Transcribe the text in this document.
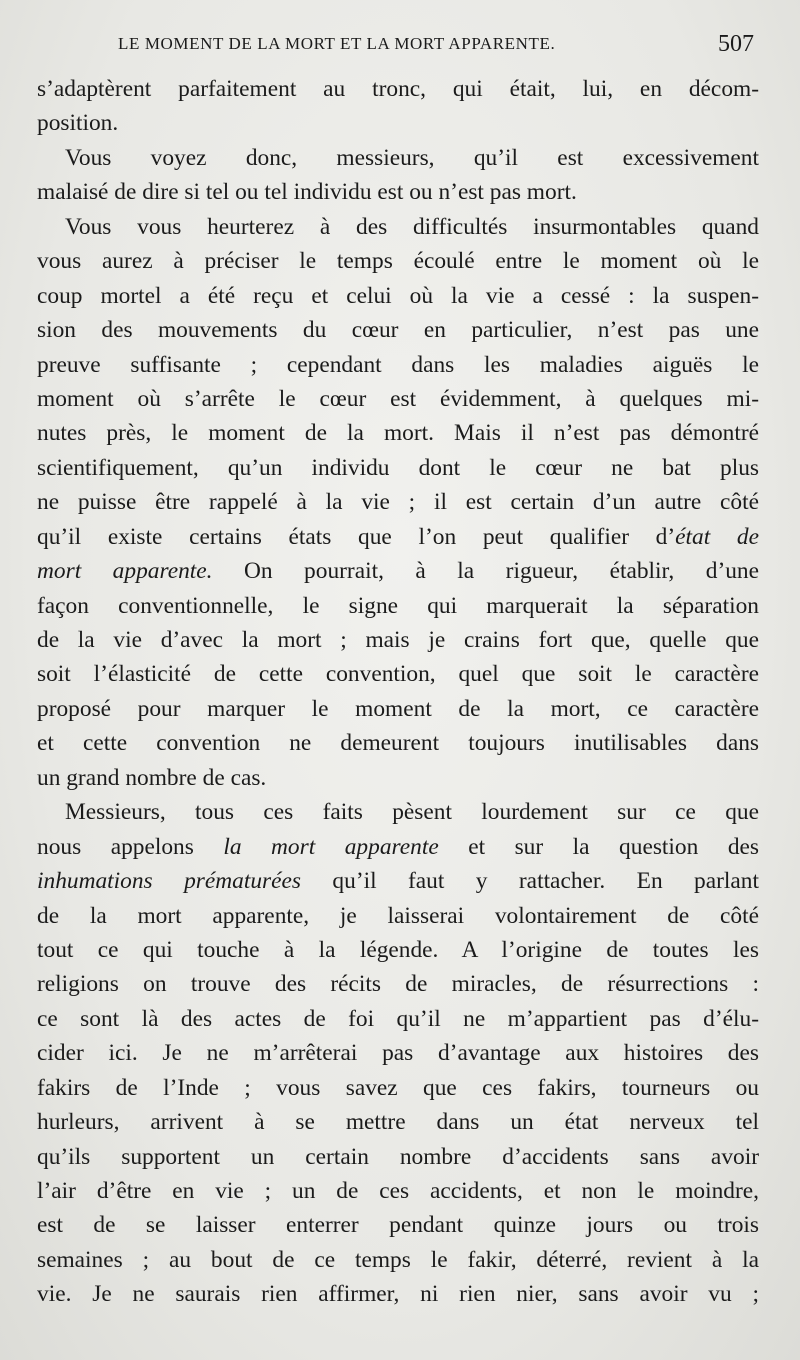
LE MOMENT DE LA MORT ET LA MORT APPARENTE.	507
s’adaptèrent parfaitement au tronc, qui était, lui, en décom-
position.
Vous voyez donc, messieurs, qu’il est excessivement
malaisé de dire si tel ou tel individu est ou n’est pas mort.
Vous vous heurterez à des difficultés insurmontables quand
vous aurez à préciser le temps écoulé entre le moment où le
coup mortel a été reçu et celui où la vie a cessé : la suspen-
sion des mouvements du cœur en particulier, n’est pas une
preuve suffisante ; cependant dans les maladies aiguës le
moment où s’arrête le cœur est évidemment, à quelques mi-
nutes près, le moment de la mort. Mais il n’est pas démontré
scientifiquement, qu’un individu dont le cœur ne bat plus
ne puisse être rappelé à la vie ; il est certain d’un autre côté
qu’il existe certains états que l’on peut qualifier d’état de
mort apparente. On pourrait, à la rigueur, établir, d’une
façon conventionnelle, le signe qui marquerait la séparation
de la vie d’avec la mort ; mais je crains fort que, quelle que
soit l’élasticité de cette convention, quel que soit le caractère
proposé pour marquer le moment de la mort, ce caractère
et cette convention ne demeurent toujours inutilisables dans
un grand nombre de cas.
Messieurs, tous ces faits pèsent lourdement sur ce que
nous appelons la mort apparente et sur la question des
inhumations prématurées qu’il faut y rattacher. En parlant
de la mort apparente, je laisserai volontairement de côté
tout ce qui touche à la légende. A l’origine de toutes les
religions on trouve des récits de miracles, de résurrections :
ce sont là des actes de foi qu’il ne m’appartient pas d’élu-
cider ici. Je ne m’arrêterai pas d’avantage aux histoires des
fakirs de l’Inde ; vous savez que ces fakirs, tourneurs ou
hurleurs, arrivent à se mettre dans un état nerveux tel
qu’ils supportent un certain nombre d’accidents sans avoir
l’air d’être en vie ; un de ces accidents, et non le moindre,
est de se laisser enterrer pendant quinze jours ou trois
semaines ; au bout de ce temps le fakir, déterré, revient à la
vie. Je ne saurais rien affirmer, ni rien nier, sans avoir vu ;
